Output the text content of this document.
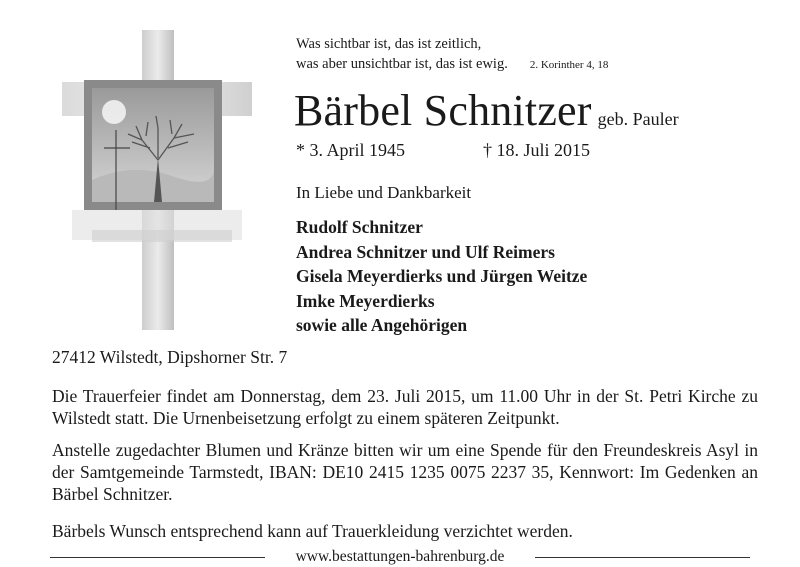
Was sichtbar ist, das ist zeitlich,
was aber unsichtbar ist, das ist ewig. 2. Korinther 4, 18
Bärbel Schnitzer geb. Pauler
* 3. April 1945	† 18. Juli 2015
In Liebe und Dankbarkeit
Rudolf Schnitzer
Andrea Schnitzer und Ulf Reimers
Gisela Meyerdierks und Jürgen Weitze
Imke Meyerdierks
sowie alle Angehörigen
27412 Wilstedt, Dipshorner Str. 7
Die Trauerfeier findet am Donnerstag, dem 23. Juli 2015, um 11.00 Uhr in der St. Petri Kirche zu Wilstedt statt. Die Urnenbeisetzung erfolgt zu einem späteren Zeitpunkt.
Anstelle zugedachter Blumen und Kränze bitten wir um eine Spende für den Freundeskreis Asyl in der Samtgemeinde Tarmstedt, IBAN: DE10 2415 1235 0075 2237 35, Kennwort: Im Gedenken an Bärbel Schnitzer.
Bärbels Wunsch entsprechend kann auf Trauerkleidung verzichtet werden.
www.bestattungen-bahrenburg.de
